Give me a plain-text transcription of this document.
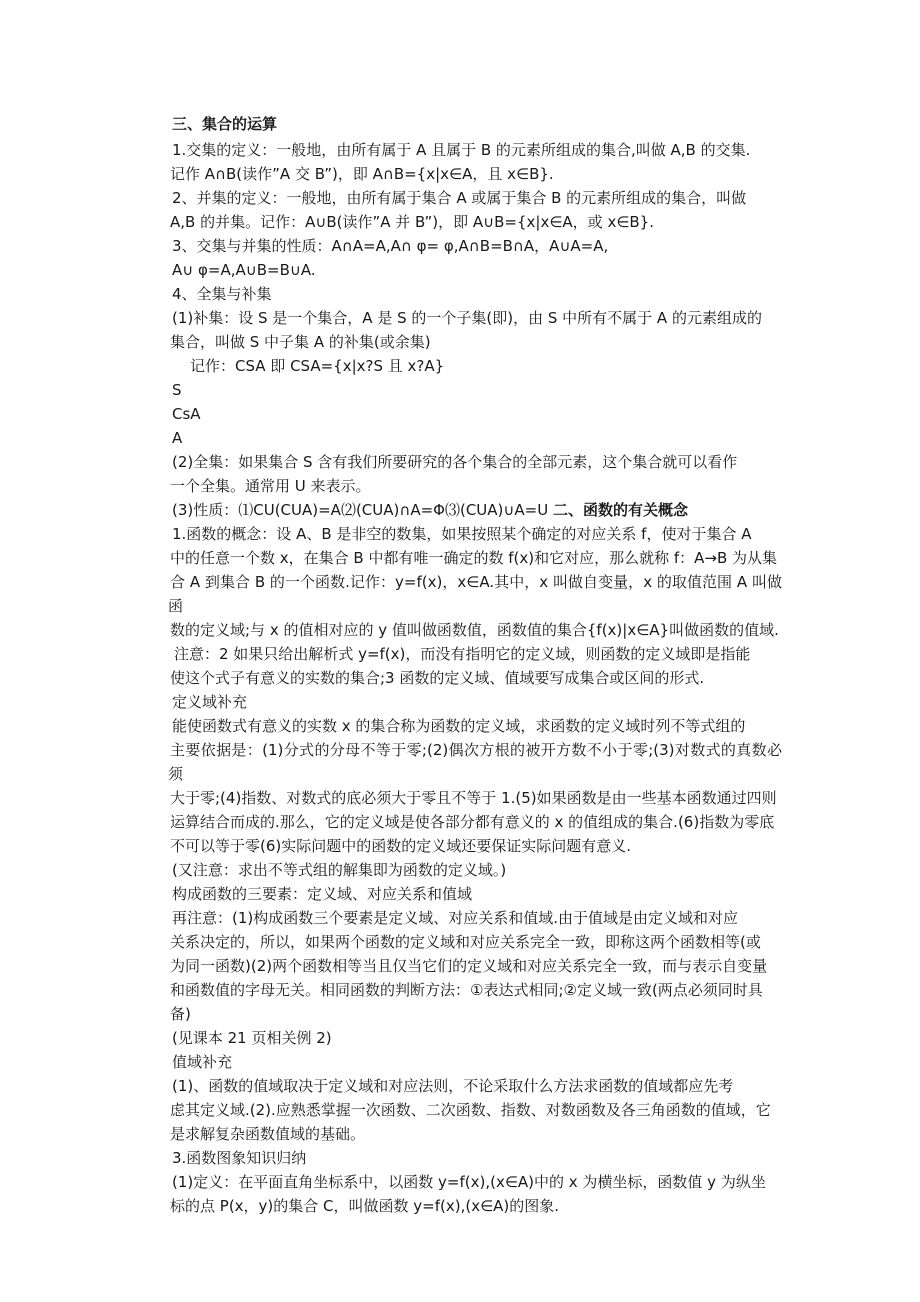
三、集合的运算

1.交集的定义：一般地，由所有属于 A 且属于 B 的元素所组成的集合,叫做 A,B 的交集.

记作 A∩B(读作”A 交 B”)，即 A∩B={x|x∈A，且 x∈B}.

2、并集的定义：一般地，由所有属于集合 A 或属于集合 B 的元素所组成的集合，叫做

A,B 的并集。记作：A∪B(读作”A 并 B”)，即 A∪B={x|x∈A，或 x∈B}.

3、交集与并集的性质：A∩A=A,A∩ φ= φ,A∩B=B∩A，A∪A=A,

A∪ φ=A,A∪B=B∪A.

4、全集与补集

(1)补集：设 S 是一个集合，A 是 S 的一个子集(即)，由 S 中所有不属于 A 的元素组成的

集合，叫做 S 中子集 A 的补集(或余集)

记作：CSA 即 CSA={x|x?S 且 x?A}

S

CsA

A

(2)全集：如果集合 S 含有我们所要研究的各个集合的全部元素，这个集合就可以看作

一个全集。通常用 U 来表示。

(3)性质：⑴CU(CUA)=A⑵(CUA)∩A=Φ⑶(CUA)∪A=U 二、函数的有关概念

1.函数的概念：设 A、B 是非空的数集，如果按照某个确定的对应关系 f，使对于集合 A

中的任意一个数 x，在集合 B 中都有唯一确定的数 f(x)和它对应，那么就称 f：A→B 为从集

合 A 到集合 B 的一个函数.记作：y=f(x)，x∈A.其中，x 叫做自变量，x 的取值范围 A 叫做函

数的定义域;与 x 的值相对应的 y 值叫做函数值，函数值的集合{f(x)|x∈A}叫做函数的值域.

注意：2 如果只给出解析式 y=f(x)，而没有指明它的定义域，则函数的定义域即是指能

使这个式子有意义的实数的集合;3 函数的定义域、值域要写成集合或区间的形式.

定义域补充

能使函数式有意义的实数 x 的集合称为函数的定义域，求函数的定义域时列不等式组的

主要依据是：(1)分式的分母不等于零;(2)偶次方根的被开方数不小于零;(3)对数式的真数必须

大于零;(4)指数、对数式的底必须大于零且不等于 1.(5)如果函数是由一些基本函数通过四则

运算结合而成的.那么，它的定义域是使各部分都有意义的 x 的值组成的集合.(6)指数为零底

不可以等于零(6)实际问题中的函数的定义域还要保证实际问题有意义.

(又注意：求出不等式组的解集即为函数的定义域。)

构成函数的三要素：定义域、对应关系和值域

再注意：(1)构成函数三个要素是定义域、对应关系和值域.由于值域是由定义域和对应

关系决定的，所以，如果两个函数的定义域和对应关系完全一致，即称这两个函数相等(或

为同一函数)(2)两个函数相等当且仅当它们的定义域和对应关系完全一致，而与表示自变量

和函数值的字母无关。相同函数的判断方法：①表达式相同;②定义域一致(两点必须同时具

备)

(见课本 21 页相关例 2)

值域补充

(1)、函数的值域取决于定义域和对应法则，不论采取什么方法求函数的值域都应先考

虑其定义域.(2).应熟悉掌握一次函数、二次函数、指数、对数函数及各三角函数的值域，它

是求解复杂函数值域的基础。

3.函数图象知识归纳

(1)定义：在平面直角坐标系中，以函数 y=f(x),(x∈A)中的 x 为横坐标，函数值 y 为纵坐

标的点 P(x，y)的集合 C，叫做函数 y=f(x),(x∈A)的图象.
